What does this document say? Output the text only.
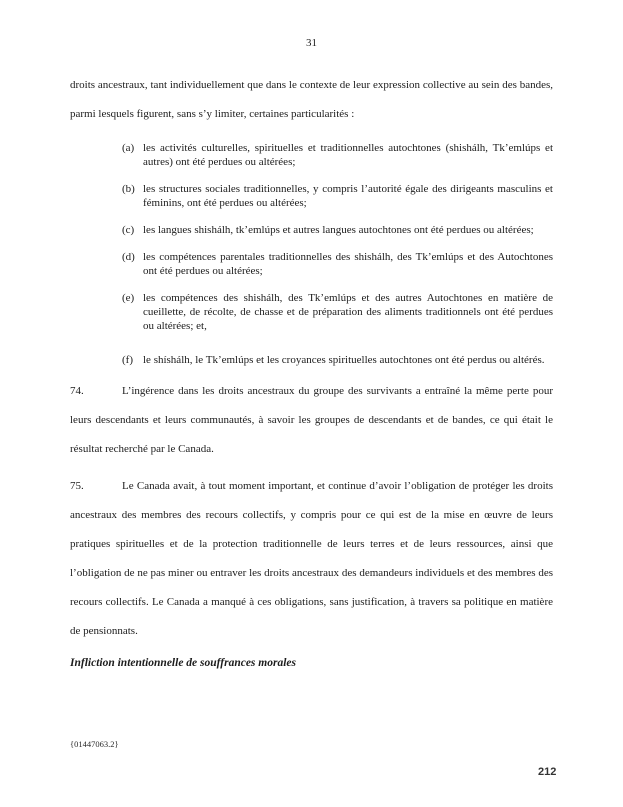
31

droits ancestraux, tant individuellement que dans le contexte de leur expression collective au sein des bandes, parmi lesquels figurent, sans s’y limiter, certaines particularités :

(a) les activités culturelles, spirituelles et traditionnelles autochtones (shishálh, Tk’emlúps et autres) ont été perdues ou altérées;
(b) les structures sociales traditionnelles, y compris l’autorité égale des dirigeants masculins et féminins, ont été perdues ou altérées;
(c) les langues shishálh, tk’emlúps et autres langues autochtones ont été perdues ou altérées;
(d) les compétences parentales traditionnelles des shishálh, des Tk’emlúps et des Autochtones ont été perdues ou altérées;
(e) les compétences des shishálh, des Tk’emlúps et des autres Autochtones en matière de cueillette, de récolte, de chasse et de préparation des aliments traditionnels ont été perdues ou altérées; et,
(f) le shíshálh, le Tk’emlúps et les croyances spirituelles autochtones ont été perdus ou altérés.

74.	L’ingérence dans les droits ancestraux du groupe des survivants a entraîné la même perte pour leurs descendants et leurs communautés, à savoir les groupes de descendants et de bandes, ce qui était le résultat recherché par le Canada.

75.	Le Canada avait, à tout moment important, et continue d’avoir l’obligation de protéger les droits ancestraux des membres des recours collectifs, y compris pour ce qui est de la mise en œuvre de leurs pratiques spirituelles et de la protection traditionnelle de leurs terres et de leurs ressources, ainsi que l’obligation de ne pas miner ou entraver les droits ancestraux des demandeurs individuels et des membres des recours collectifs. Le Canada a manqué à ces obligations, sans justification, à travers sa politique en matière de pensionnats.

Infliction intentionnelle de souffrances morales
{01447063.2}
212
